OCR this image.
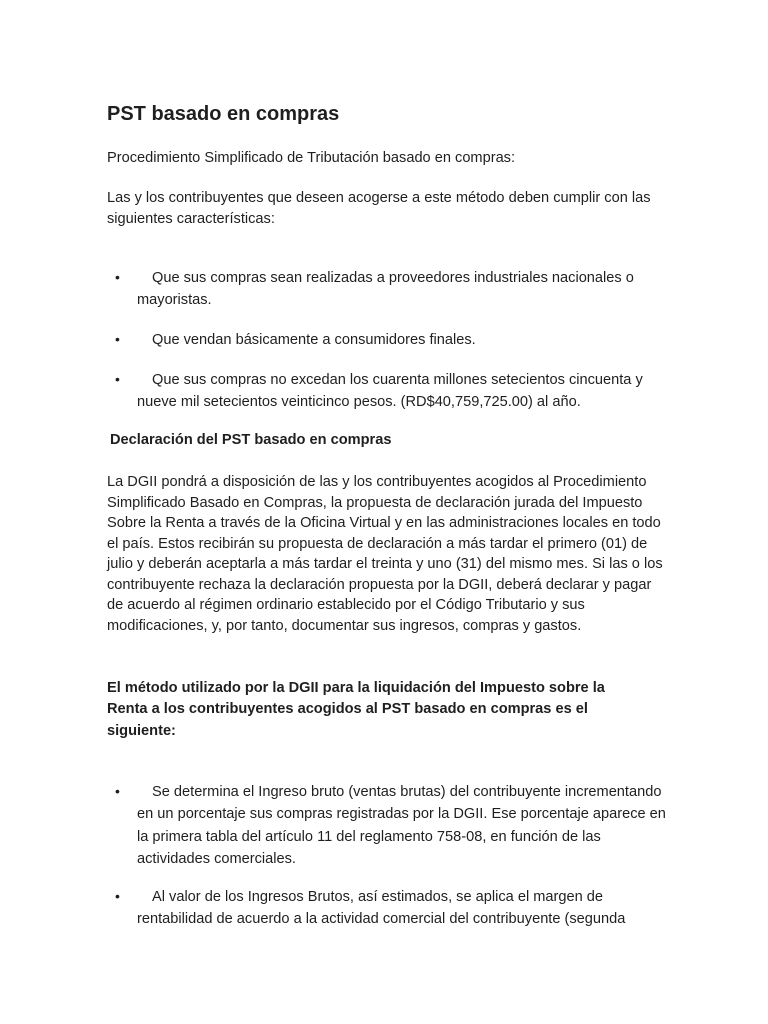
PST basado en compras

Procedimiento Simplificado de Tributación basado en compras:

Las y los contribuyentes que deseen acogerse a este método deben cumplir con las siguientes características:

•	Que sus compras sean realizadas a proveedores industriales nacionales o mayoristas.

•	Que vendan básicamente a consumidores finales.

•	Que sus compras no excedan los cuarenta millones setecientos cincuenta y nueve mil setecientos veinticinco pesos. (RD$40,759,725.00) al año.

Declaración del PST basado en compras

La DGII pondrá a disposición de las y los contribuyentes acogidos al Procedimiento Simplificado Basado en Compras, la propuesta de declaración jurada del Impuesto Sobre la Renta a través de la Oficina Virtual y en las administraciones locales en todo el país. Estos recibirán su propuesta de declaración a más tardar el primero (01) de julio y deberán aceptarla a más tardar el treinta y uno (31) del mismo mes. Si las o los contribuyente rechaza la declaración propuesta por la DGII, deberá declarar y pagar de acuerdo al régimen ordinario establecido por el Código Tributario y sus modificaciones, y, por tanto, documentar sus ingresos, compras y gastos.

El método utilizado por la DGII para la liquidación del Impuesto sobre la Renta a los contribuyentes acogidos al PST basado en compras es el siguiente:

•	Se determina el Ingreso bruto (ventas brutas) del contribuyente incrementando en un porcentaje sus compras registradas por la DGII. Ese porcentaje aparece en la primera tabla del artículo 11 del reglamento 758-08, en función de las actividades comerciales.

•	Al valor de los Ingresos Brutos, así estimados, se aplica el margen de rentabilidad de acuerdo a la actividad comercial del contribuyente (segunda
